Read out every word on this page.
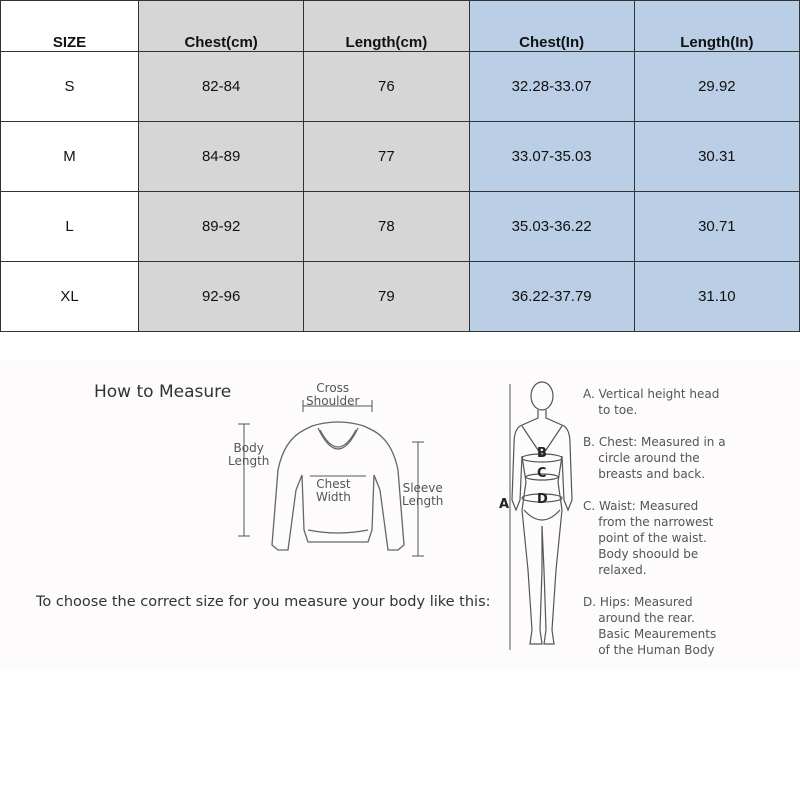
SIZE	Chest(cm)	Length(cm)	Chest(In)	Length(In)
S	82-84	76	32.28-33.07	29.92
M	84-89	77	33.07-35.03	30.31
L	89-92	78	35.03-36.22	30.71
XL	92-96	79	36.22-37.79	31.10
How to Measure	Cross
Shoulder
Body
Length
Chest
Width
Sleeve
Length
To choose the correct size for you measure your body like this:
A
B
C
D
A. Vertical height head
to toe.
B. Chest: Measured in a
circle around the
breasts and back.
C. Waist: Measured
from the narrowest
point of the waist.
Body shoould be
relaxed.
D. Hips: Measured
around the rear.
Basic Meaurements
of the Human Body
